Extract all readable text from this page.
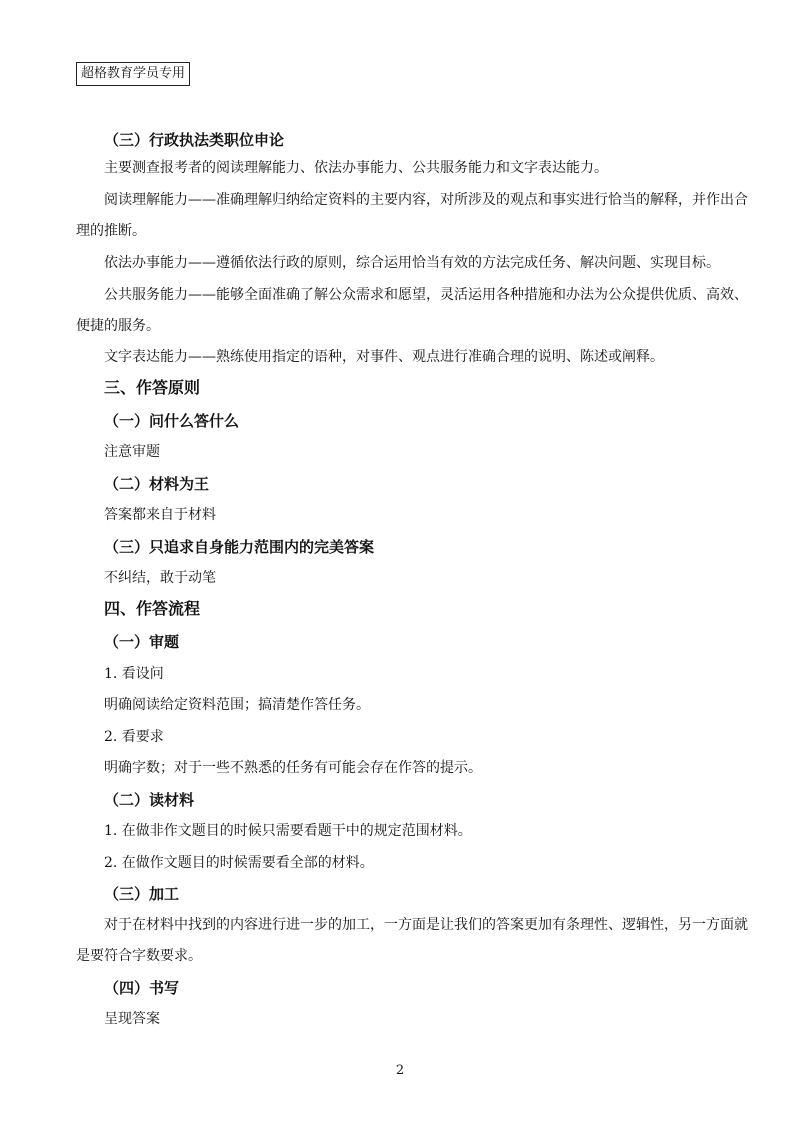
超格教育学员专用
（三）行政执法类职位申论
主要测查报考者的阅读理解能力、依法办事能力、公共服务能力和文字表达能力。
阅读理解能力——准确理解归纳给定资料的主要内容，对所涉及的观点和事实进行恰当的解释，并作出合
理的推断。
依法办事能力——遵循依法行政的原则，综合运用恰当有效的方法完成任务、解决问题、实现目标。
公共服务能力——能够全面准确了解公众需求和愿望，灵活运用各种措施和办法为公众提供优质、高效、
便捷的服务。
文字表达能力——熟练使用指定的语种，对事件、观点进行准确合理的说明、陈述或阐释。
三、作答原则
（一）问什么答什么
注意审题
（二）材料为王
答案都来自于材料
（三）只追求自身能力范围内的完美答案
不纠结，敢于动笔
四、作答流程
（一）审题
1. 看设问
明确阅读给定资料范围；搞清楚作答任务。
2. 看要求
明确字数；对于一些不熟悉的任务有可能会存在作答的提示。
（二）读材料
1. 在做非作文题目的时候只需要看题干中的规定范围材料。
2. 在做作文题目的时候需要看全部的材料。
（三）加工
对于在材料中找到的内容进行进一步的加工，一方面是让我们的答案更加有条理性、逻辑性，另一方面就
是要符合字数要求。
（四）书写
呈现答案
2
